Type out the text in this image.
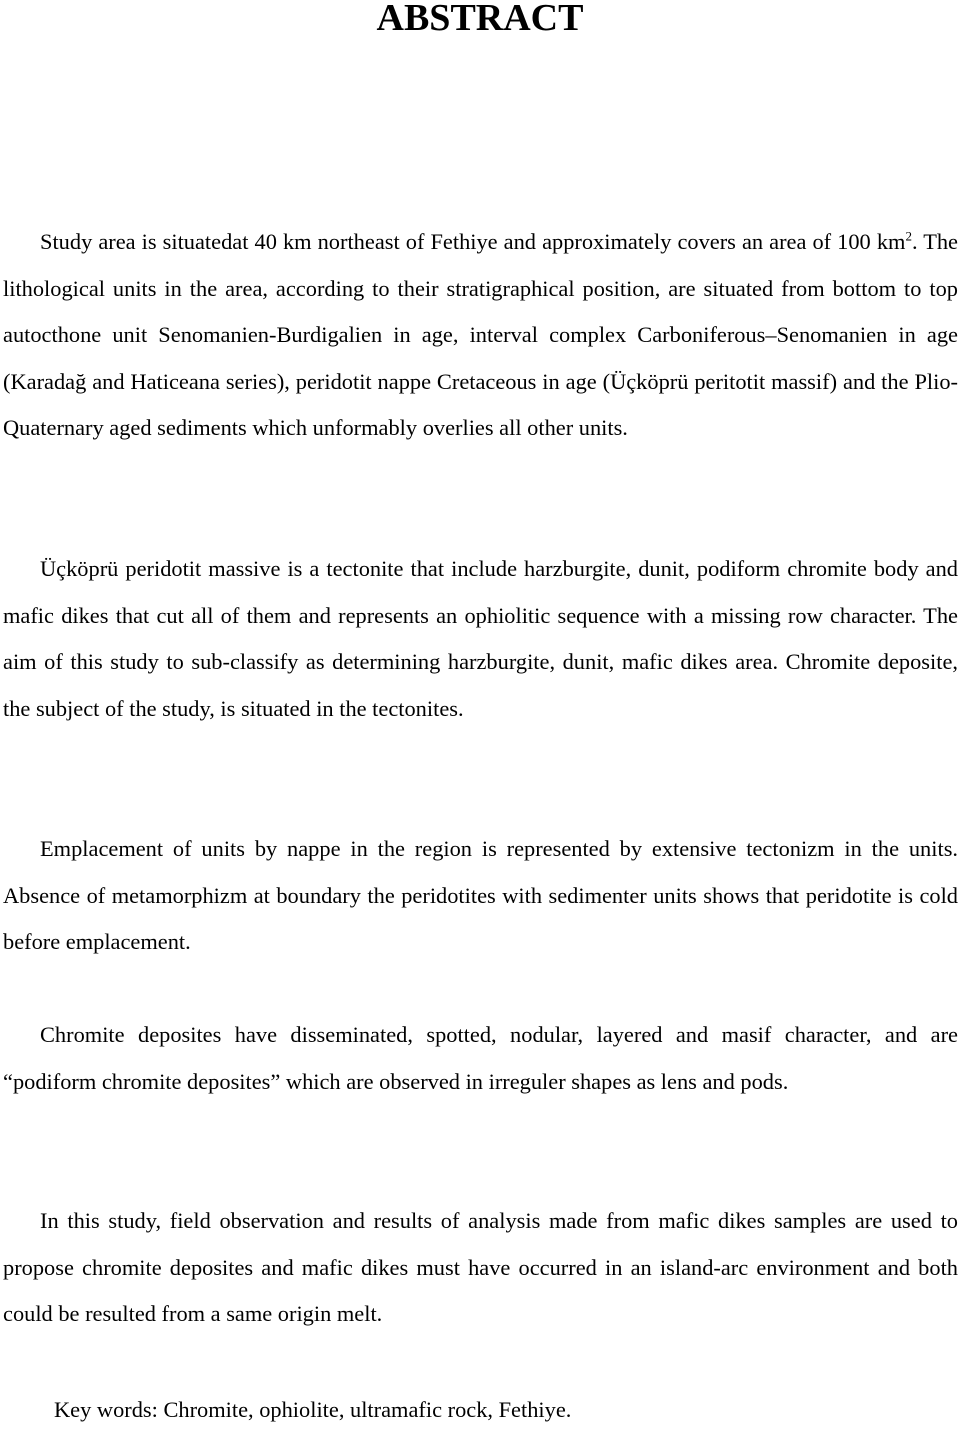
ABSTRACT

Study area is situatedat 40 km northeast of Fethiye and approximately covers an area of 100 $km^2$. The lithological units in the area, according to their stratigraphical position, are situated from bottom to top autocthone unit Senomanien-Burdigalien in age, interval complex Carboniferous–Senomanien in age (Karadağ and Haticeana series), peridotit nappe Cretaceous in age (Üçköprü peritotit massif) and the Plio-Quaternary aged sediments which unformably overlies all other units.

Üçköprü peridotit massive is a tectonite that include harzburgite, dunit, podiform chromite body and mafic dikes that cut all of them and represents an ophiolitic sequence with a missing row character. The aim of this study to sub-classify as determining harzburgite, dunit, mafic dikes area. Chromite deposite, the subject of the study, is situated in the tectonites.

Emplacement of units by nappe in the region is represented by extensive tectonizm in the units. Absence of metamorphizm at boundary the peridotites with sedimenter units shows that peridotite is cold before emplacement.

Chromite deposites have disseminated, spotted, nodular, layered and masif character, and are “podiform chromite deposites” which are observed in irreguler shapes as lens and pods.

In this study, field observation and results of analysis made from mafic dikes samples are used to propose chromite deposites and mafic dikes must have occurred in an island-arc environment and both could be resulted from a same origin melt.

Key words: Chromite, ophiolite, ultramafic rock, Fethiye.
